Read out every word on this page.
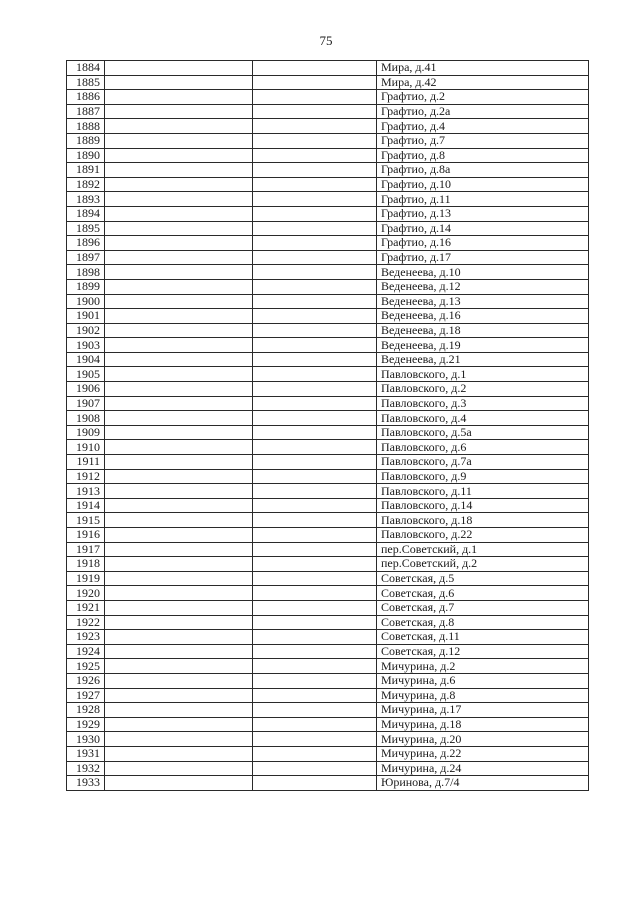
75
1884			Мира, д.41
1885			Мира, д.42
1886			Графтио, д.2
1887			Графтио, д.2а
1888			Графтио, д.4
1889			Графтио, д.7
1890			Графтио, д.8
1891			Графтио, д.8а
1892			Графтио, д.10
1893			Графтио, д.11
1894			Графтио, д.13
1895			Графтио, д.14
1896			Графтио, д.16
1897			Графтио, д.17
1898			Веденеева, д.10
1899			Веденеева, д.12
1900			Веденеева, д.13
1901			Веденеева, д.16
1902			Веденеева, д.18
1903			Веденеева, д.19
1904			Веденеева, д.21
1905			Павловского, д.1
1906			Павловского, д.2
1907			Павловского, д.3
1908			Павловского, д.4
1909			Павловского, д.5а
1910			Павловского, д.6
1911			Павловского, д.7а
1912			Павловского, д.9
1913			Павловского, д.11
1914			Павловского, д.14
1915			Павловского, д.18
1916			Павловского, д.22
1917			пер.Советский, д.1
1918			пер.Советский, д.2
1919			Советская, д.5
1920			Советская, д.6
1921			Советская, д.7
1922			Советская, д.8
1923			Советская, д.11
1924			Советская, д.12
1925			Мичурина, д.2
1926			Мичурина, д.6
1927			Мичурина, д.8
1928			Мичурина, д.17
1929			Мичурина, д.18
1930			Мичурина, д.20
1931			Мичурина, д.22
1932			Мичурина, д.24
1933			Юринова, д.7/4
